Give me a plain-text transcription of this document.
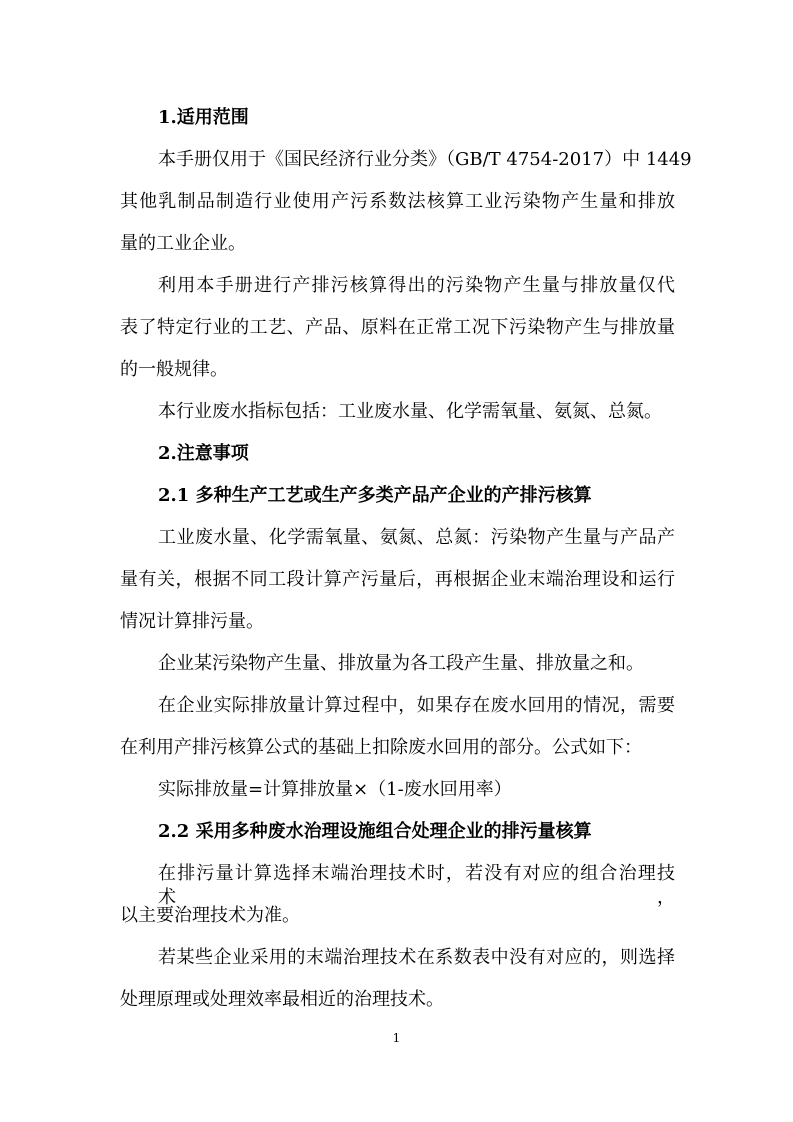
1.适用范围
本手册仅用于《国民经济行业分类》（GB/T 4754-2017）中 1449
其他乳制品制造行业使用产污系数法核算工业污染物产生量和排放
量的工业企业。
利用本手册进行产排污核算得出的污染物产生量与排放量仅代
表了特定行业的工艺、产品、原料在正常工况下污染物产生与排放量
的一般规律。
本行业废水指标包括：工业废水量、化学需氧量、氨氮、总氮。
2.注意事项
2.1 多种生产工艺或生产多类产品产企业的产排污核算
工业废水量、化学需氧量、氨氮、总氮：污染物产生量与产品产
量有关，根据不同工段计算产污量后，再根据企业末端治理设和运行
情况计算排污量。
企业某污染物产生量、排放量为各工段产生量、排放量之和。
在企业实际排放量计算过程中，如果存在废水回用的情况，需要
在利用产排污核算公式的基础上扣除废水回用的部分。公式如下：
实际排放量=计算排放量×（1-废水回用率）
2.2 采用多种废水治理设施组合处理企业的排污量核算
在排污量计算选择末端治理技术时，若没有对应的组合治理技术，
以主要治理技术为准。
若某些企业采用的末端治理技术在系数表中没有对应的，则选择
处理原理或处理效率最相近的治理技术。
1
